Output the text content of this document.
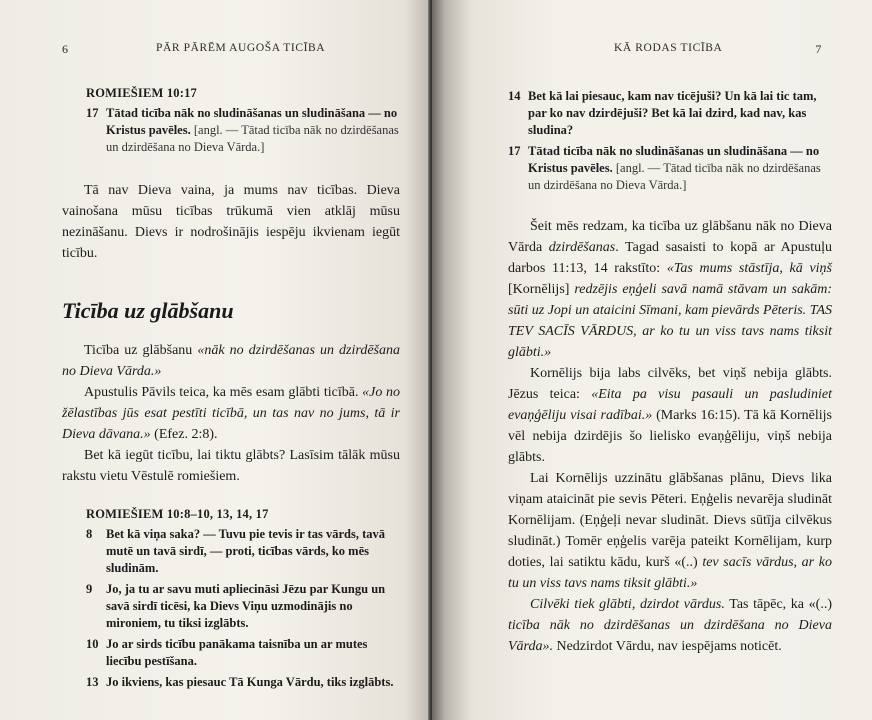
6	PĀR PĀRĒM AUGOŠA TICĪBA
ROMIEŠIEM 10:17
17 Tātad ticība nāk no sludināšanas un sludināšana — no Kristus pavēles. [angl. — Tātad ticība nāk no dzirdēšanas un dzirdēšana no Dieva Vārda.]

Tā nav Dieva vaina, ja mums nav ticības. Dieva vainošana mūsu ticības trūkumā vien atklāj mūsu nezināšanu. Dievs ir nodrošinājis iespēju ikvienam iegūt ticību.

Ticība uz glābšanu

Ticība uz glābšanu «nāk no dzirdēšanas un dzirdēšana no Dieva Vārda.»

Apustulis Pāvils teica, ka mēs esam glābti ticībā. «Jo no žēlastības jūs esat pestīti ticībā, un tas nav no jums, tā ir Dieva dāvana.» (Efez. 2:8).

Bet kā iegūt ticību, lai tiktu glābts? Lasīsim tālāk mūsu rakstu vietu Vēstulē romiešiem.

ROMIEŠIEM 10:8–10, 13, 14, 17
8	Bet kā viņa saka? — Tuvu pie tevis ir tas vārds, tavā mutē un tavā sirdī, — proti, ticības vārds, ko mēs sludinām.
9	Jo, ja tu ar savu muti apliecināsi Jēzu par Kungu un savā sirdī ticēsi, ka Dievs Viņu uzmodinājis no mironiem, tu tiksi izglābts.
10 Jo ar sirds ticību panākama taisnība un ar mutes liecību pestīšana.
13 Jo ikviens, kas piesauc Tā Kunga Vārdu, tiks izglābts.
KĀ RODAS TICĪBA	7
14 Bet kā lai piesauc, kam nav ticējuši? Un kā lai tic tam, par ko nav dzirdējuši? Bet kā lai dzird, kad nav, kas sludina?
17 Tātad ticība nāk no sludināšanas un sludināšana — no Kristus pavēles. [angl. — Tātad ticība nāk no dzirdēšanas un dzirdēšana no Dieva Vārda.]

Šeit mēs redzam, ka ticība uz glābšanu nāk no Dieva Vārda dzirdēšanas. Tagad sasaisti to kopā ar Apustuļu darbos 11:13, 14 rakstīto: «Tas mums stāstīja, kā viņš [Kornēlijs] redzējis eņģeli savā namā stāvam un sakām: sūti uz Jopi un ataicini Sīmani, kam pievārds Pēteris. TAS TEV SACĪS VĀRDUS, ar ko tu un viss tavs nams tiksit glābti.»

Kornēlijs bija labs cilvēks, bet viņš nebija glābts. Jēzus teica: «Eita pa visu pasauli un pasludiniet evaņģēliju visai radībai.» (Marks 16:15). Tā kā Kornēlijs vēl nebija dzirdējis šo lielisko evaņģēliju, viņš nebija glābts.

Lai Kornēlijs uzzinātu glābšanas plānu, Dievs lika viņam ataicināt pie sevis Pēteri. Eņģelis nevarēja sludināt Kornēlijam. (Eņģeļi nevar sludināt. Dievs sūtīja cilvēkus sludināt.) Tomēr eņģelis varēja pateikt Kornēlijam, kurp doties, lai satiktu kādu, kurš «(..) tev sacīs vārdus, ar ko tu un viss tavs nams tiksit glābti.»

Cilvēki tiek glābti, dzirdot vārdus. Tas tāpēc, ka «(..) ticība nāk no dzirdēšanas un dzirdēšana no Dieva Vārda». Nedzirdot Vārdu, nav iespējams noticēt.
